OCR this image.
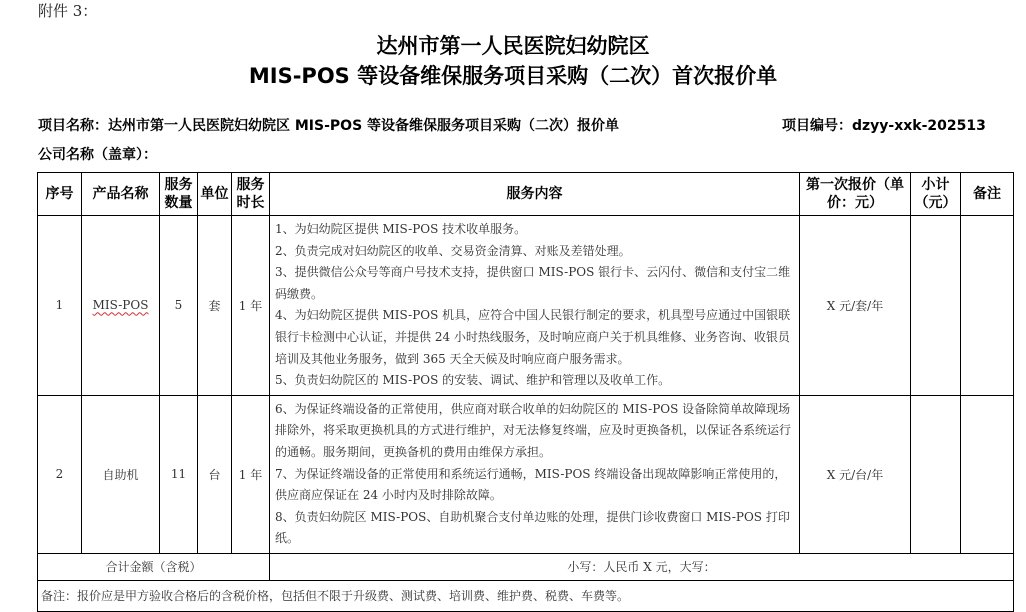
附件 3：
达州市第一人民医院妇幼院区
MIS-POS 等设备维保服务项目采购（二次）首次报价单
项目名称：达州市第一人民医院妇幼院区 MIS-POS 等设备维保服务项目采购（二次）报价单	项目编号：dzyy-xxk-202513
公司名称（盖章）：
序号	产品名称	服务数量	单位	服务时长	服务内容	第一次报价（单价：元）	小计（元）	备注
1	MIS-POS	5	套	1 年	1、为妇幼院区提供 MIS-POS 技术收单服务。
2、负责完成对妇幼院区的收单、交易资金清算、对账及差错处理。
3、提供微信公众号等商户号技术支持，提供窗口 MIS-POS 银行卡、云闪付、微信和支付宝二维码缴费。
4、为妇幼院区提供 MIS-POS 机具，应符合中国人民银行制定的要求，机具型号应通过中国银联银行卡检测中心认证，并提供 24 小时热线服务，及时响应商户关于机具维修、业务咨询、收银员培训及其他业务服务，做到 365 天全天候及时响应商户服务需求。
5、负责妇幼院区的 MIS-POS 的安装、调试、维护和管理以及收单工作。	X 元/套/年		
2	自助机	11	台	1 年	6、为保证终端设备的正常使用，供应商对联合收单的妇幼院区的 MIS-POS 设备除简单故障现场排除外，将采取更换机具的方式进行维护，对无法修复终端，应及时更换备机，以保证各系统运行的通畅。服务期间，更换备机的费用由维保方承担。
7、为保证终端设备的正常使用和系统运行通畅，MIS-POS 终端设备出现故障影响正常使用的，供应商应保证在 24 小时内及时排除故障。
8、负责妇幼院区 MIS-POS、自助机聚合支付单边账的处理，提供门诊收费窗口 MIS-POS 打印纸。	X 元/台/年		
合计金额（含税）					小写：人民币 X 元，大写：			
备注：报价应是甲方验收合格后的含税价格，包括但不限于升级费、测试费、培训费、维护费、税费、车费等。								
